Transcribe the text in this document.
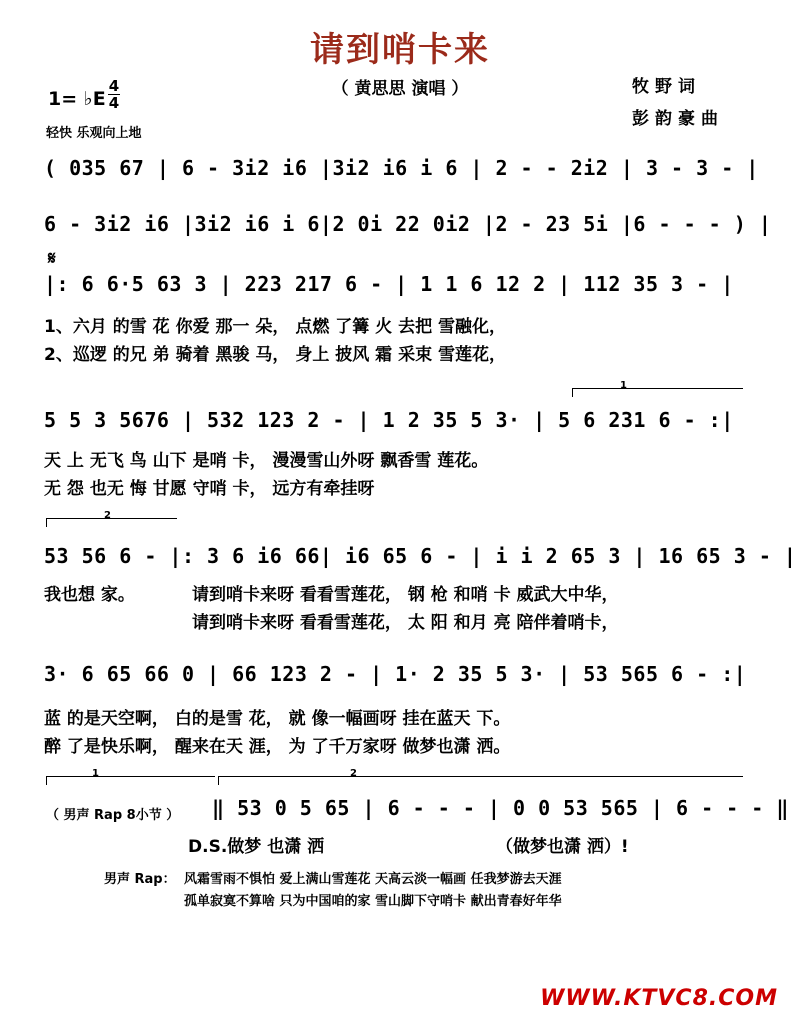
请到哨卡来
（ 黄思思 演唱 ）	牧野词
彭韵豪曲
1= ♭E
4
4
轻快 乐观向上地
( 035 67 | 6 - 3i2 i6 |3i2 i6 i 6 | 2 - - 2i2 | 3 - 3 - |
6 - 3i2 i6 |3i2 i6 i 6|2 0i 22 0i2 |2 - 23 5i |6 - - - ) |
𝄋
|: 6 6·5 63 3 | 223 217 6 - | 1 1 6 12 2 | 112 35 3 - |
1、六月 的雪 花 你爱 那一 朵， 点燃 了篝 火 去把 雪融化，
2、巡逻 的兄 弟 骑着 黑骏 马， 身上 披风 霜 采束 雪莲花，
1
5 5 3 5676 | 532 123 2 - | 1 2 35 5 3· | 5 6 231 6 - :|
天 上 无飞 鸟 山下 是哨 卡， 漫漫雪山外呀 飘香雪 莲花。
无 怨 也无 悔 甘愿 守哨 卡， 远方有牵挂呀
2
53 56 6 - |: 3 6 i6 66| i6 65 6 - | i i 2 65 3 | 16 65 3 - |
我也想 家。	请到哨卡来呀 看看雪莲花， 钢 枪 和哨 卡 威武大中华，
请到哨卡来呀 看看雪莲花， 太 阳 和月 亮 陪伴着哨卡，
3· 6 65 66 0 | 66 123 2 - | 1· 2 35 5 3· | 53 565 6 - :|
蓝 的是天空啊， 白的是雪 花， 就 像一幅画呀 挂在蓝天 下。
醉 了是快乐啊， 醒来在天 涯， 为 了千万家呀 做梦也潇 洒。
1	2
（ 男声 Rap 8小节 ） ‖ 53 0 5 65 | 6 - - - | 0 0 53 565 | 6 - - - ‖
D.S.做梦 也潇 洒	（做梦也潇 洒）!
男声 Rap： 风霜雪雨不惧怕 爱上满山雪莲花 天高云淡一幅画 任我梦游去天涯
孤单寂寞不算啥 只为中国咱的家 雪山脚下守哨卡 献出青春好年华
WWW.KTVC8.COM
